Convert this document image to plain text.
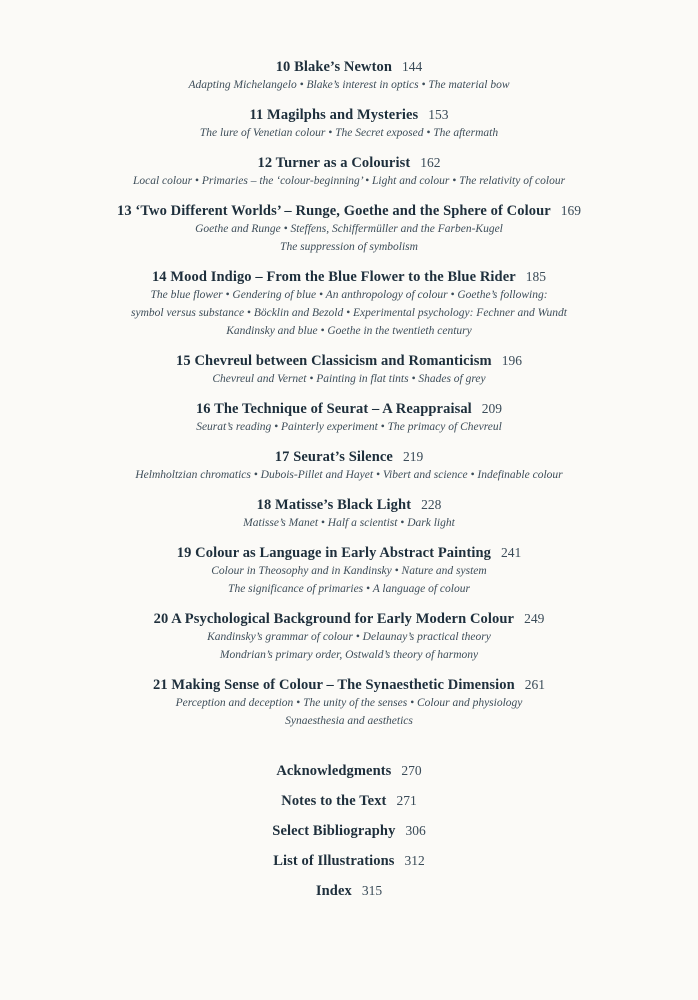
10 Blake’s Newton 144
Adapting Michelangelo • Blake’s interest in optics • The material bow
11 Magilphs and Mysteries 153
The lure of Venetian colour • The Secret exposed • The aftermath
12 Turner as a Colourist 162
Local colour • Primaries – the ‘colour-beginning’ • Light and colour • The relativity of colour
13 ‘Two Different Worlds’ – Runge, Goethe and the Sphere of Colour 169
Goethe and Runge • Steffens, Schiffermüller and the Farben-Kugel
The suppression of symbolism
14 Mood Indigo – From the Blue Flower to the Blue Rider 185
The blue flower • Gendering of blue • An anthropology of colour • Goethe’s following:
symbol versus substance • Böcklin and Bezold • Experimental psychology: Fechner and Wundt
Kandinsky and blue • Goethe in the twentieth century
15 Chevreul between Classicism and Romanticism 196
Chevreul and Vernet • Painting in flat tints • Shades of grey
16 The Technique of Seurat – A Reappraisal 209
Seurat’s reading • Painterly experiment • The primacy of Chevreul
17 Seurat’s Silence 219
Helmholtzian chromatics • Dubois-Pillet and Hayet • Vibert and science • Indefinable colour
18 Matisse’s Black Light 228
Matisse’s Manet • Half a scientist • Dark light
19 Colour as Language in Early Abstract Painting 241
Colour in Theosophy and in Kandinsky • Nature and system
The significance of primaries • A language of colour
20 A Psychological Background for Early Modern Colour 249
Kandinsky’s grammar of colour • Delaunay’s practical theory
Mondrian’s primary order, Ostwald’s theory of harmony
21 Making Sense of Colour – The Synaesthetic Dimension 261
Perception and deception • The unity of the senses • Colour and physiology
Synaesthesia and aesthetics
Acknowledgments 270
Notes to the Text 271
Select Bibliography 306
List of Illustrations 312
Index 315
